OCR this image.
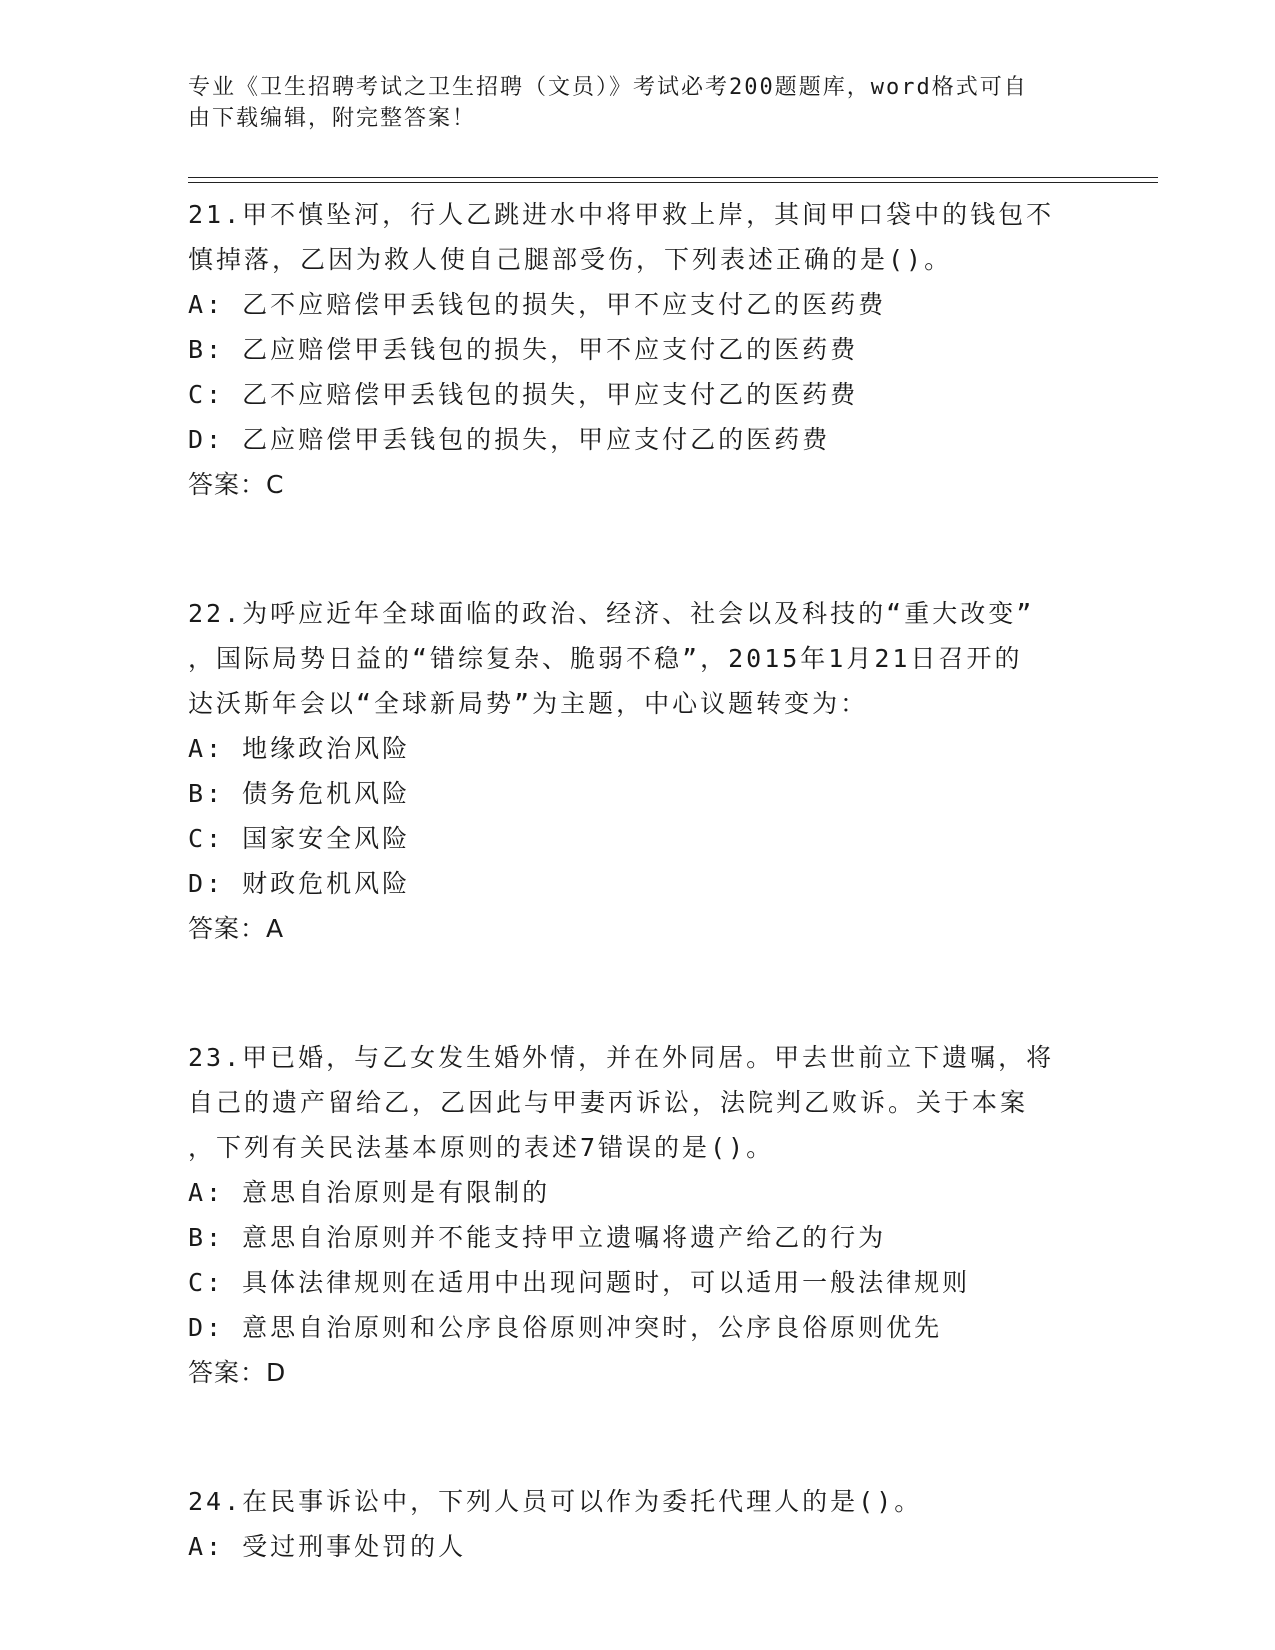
专业《卫生招聘考试之卫生招聘（文员）》考试必考200题题库，word格式可自
由下载编辑，附完整答案！
21.甲不慎坠河，行人乙跳进水中将甲救上岸，其间甲口袋中的钱包不
慎掉落，乙因为救人使自己腿部受伤，下列表述正确的是()。
A: 乙不应赔偿甲丢钱包的损失，甲不应支付乙的医药费
B: 乙应赔偿甲丢钱包的损失，甲不应支付乙的医药费
C: 乙不应赔偿甲丢钱包的损失，甲应支付乙的医药费
D: 乙应赔偿甲丢钱包的损失，甲应支付乙的医药费
答案：C
22.为呼应近年全球面临的政治、经济、社会以及科技的“重大改变”
，国际局势日益的“错综复杂、脆弱不稳”，2015年1月21日召开的
达沃斯年会以“全球新局势”为主题，中心议题转变为：
A: 地缘政治风险
B: 债务危机风险
C: 国家安全风险
D: 财政危机风险
答案：A
23.甲已婚，与乙女发生婚外情，并在外同居。甲去世前立下遗嘱，将
自己的遗产留给乙，乙因此与甲妻丙诉讼，法院判乙败诉。关于本案
，下列有关民法基本原则的表述7错误的是()。
A: 意思自治原则是有限制的
B: 意思自治原则并不能支持甲立遗嘱将遗产给乙的行为
C: 具体法律规则在适用中出现问题时，可以适用一般法律规则
D: 意思自治原则和公序良俗原则冲突时，公序良俗原则优先
答案：D
24.在民事诉讼中，下列人员可以作为委托代理人的是()。
A: 受过刑事处罚的人
